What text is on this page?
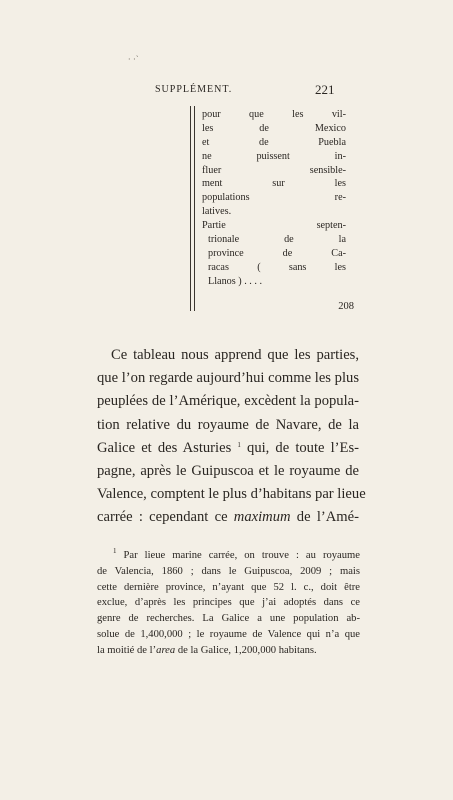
· ·`
SUPPLÉMENT.	221
pour que les vil-
les de Mexico
et de Puebla
ne puissent in-
fluer sensible-
ment sur les
populations re-
latives.
Partie septen-
trionale de la
province de Ca-
racas ( sans les
Llanos ) . . . .
208
Ce tableau nous apprend que les parties,
que l’on regarde aujourd’hui comme les plus
peuplées de l’Amérique, excèdent la popula-
tion relative du royaume de Navare, de la
Galice et des Asturies $^1$ qui, de toute l’Es-
pagne, après le Guipuscoa et le royaume de
Valence, comptent le plus d’habitans par lieue
carrée : cependant ce maximum de l’Amé-
$^1$ Par lieue marine carrée, on trouve : au royaume
de Valencia, 1860 ; dans le Guipuscoa, 2009 ; mais
cette dernière province, n’ayant que 52 l. c., doit être
exclue, d’après les principes que j’ai adoptés dans ce
genre de recherches. La Galice a une population ab-
solue de 1,400,000 ; le royaume de Valence qui n’a que
la moitié de l’area de la Galice, 1,200,000 habitans.
